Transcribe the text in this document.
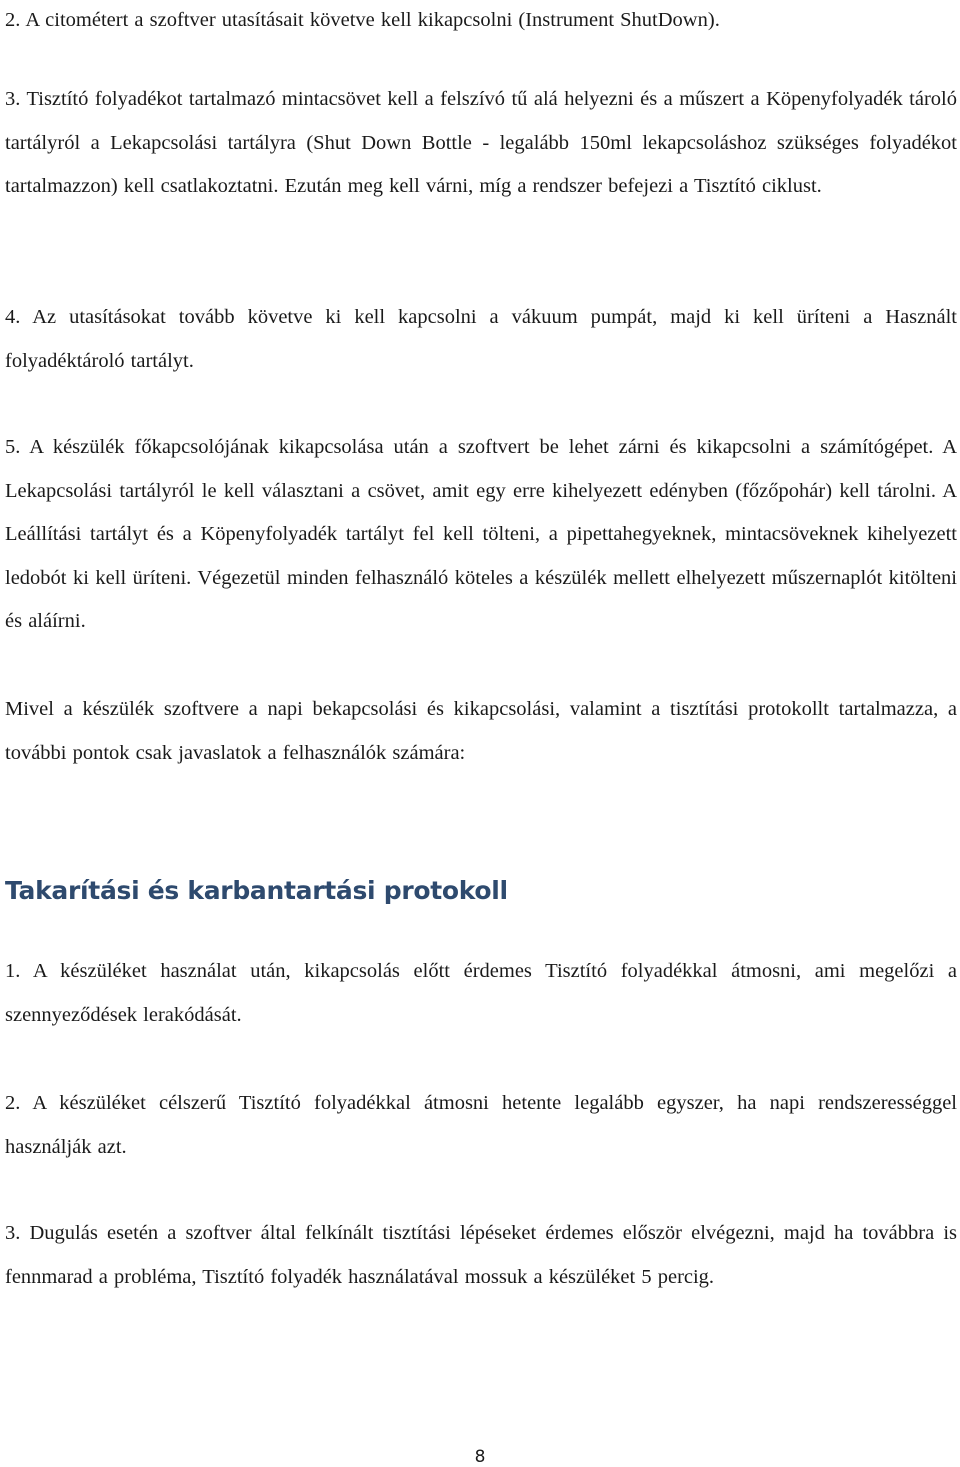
2. A citométert a szoftver utasításait követve kell kikapcsolni (Instrument ShutDown).

3. Tisztító folyadékot tartalmazó mintacsövet kell a felszívó tű alá helyezni és a műszert a Köpenyfolyadék tároló tartályról a Lekapcsolási tartályra (Shut Down Bottle - legalább 150ml lekapcsoláshoz szükséges folyadékot tartalmazzon) kell csatlakoztatni. Ezután meg kell várni, míg a rendszer befejezi a Tisztító ciklust.

4. Az utasításokat tovább követve ki kell kapcsolni a vákuum pumpát, majd ki kell üríteni a Használt folyadéktároló tartályt.

5. A készülék főkapcsolójának kikapcsolása után a szoftvert be lehet zárni és kikapcsolni a számítógépet. A Lekapcsolási tartályról le kell választani a csövet, amit egy erre kihelyezett edényben (főzőpohár) kell tárolni. A Leállítási tartályt és a Köpenyfolyadék tartályt fel kell tölteni, a pipettahegyeknek, mintacsöveknek kihelyezett ledobót ki kell üríteni. Végezetül minden felhasználó köteles a készülék mellett elhelyezett műszernaplót kitölteni és aláírni.

Mivel a készülék szoftvere a napi bekapcsolási és kikapcsolási, valamint a tisztítási protokollt tartalmazza, a további pontok csak javaslatok a felhasználók számára:

Takarítási és karbantartási protokoll

1. A készüléket használat után, kikapcsolás előtt érdemes Tisztító folyadékkal átmosni, ami megelőzi a szennyeződések lerakódását.

2. A készüléket célszerű Tisztító folyadékkal átmosni hetente legalább egyszer, ha napi rendszerességgel használják azt.

3. Dugulás esetén a szoftver által felkínált tisztítási lépéseket érdemes először elvégezni, majd ha továbbra is fennmarad a probléma, Tisztító folyadék használatával mossuk a készüléket 5 percig.

8
